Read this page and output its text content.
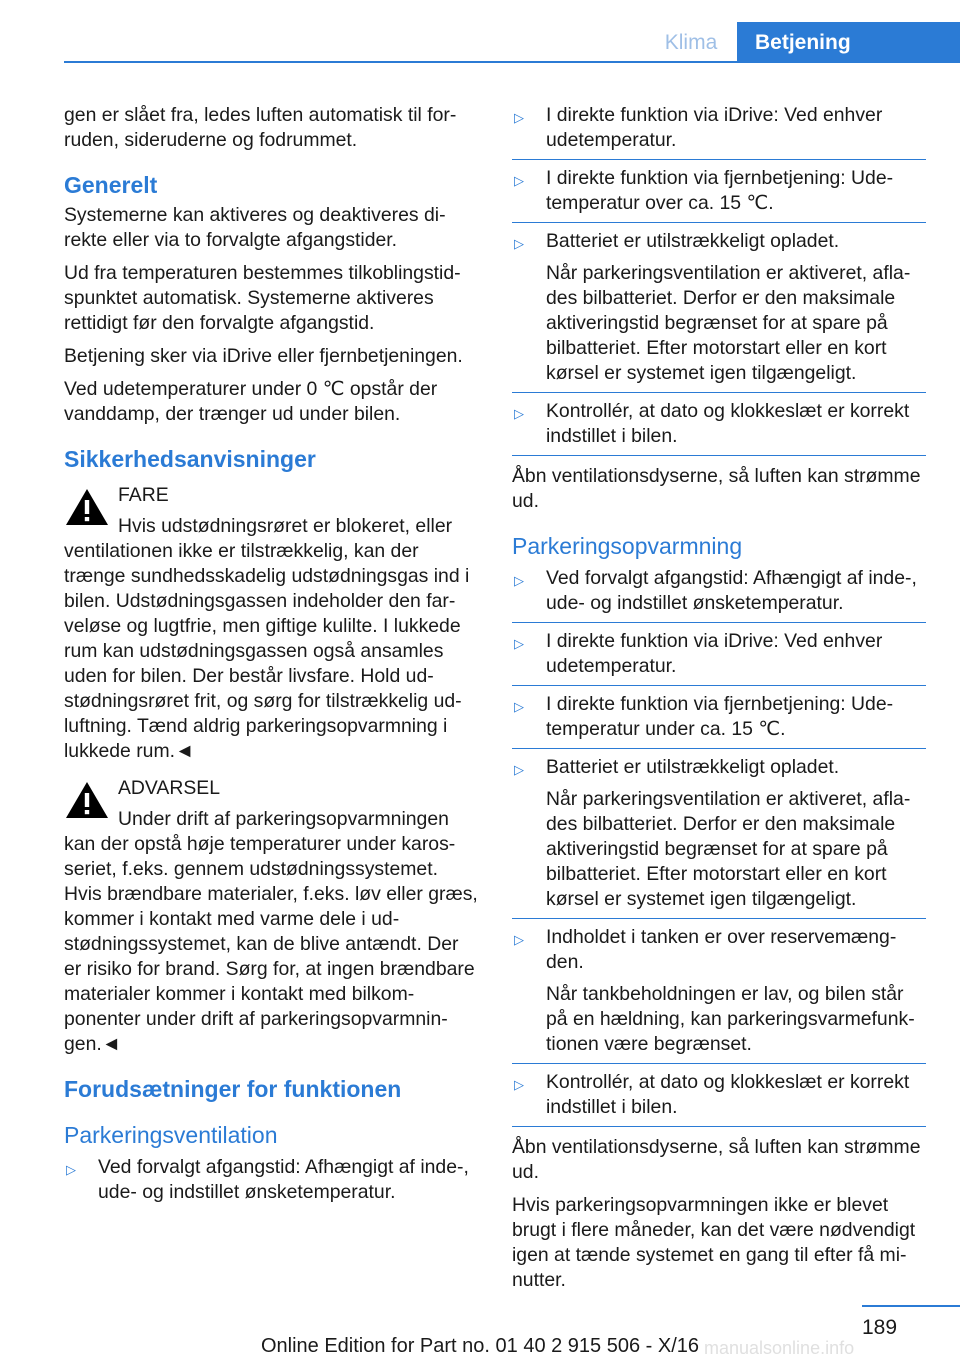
Klima	Betjening
gen er slået fra, ledes luften automatisk til forruden, sideruderne og fodrummet.
Generelt
Systemerne kan aktiveres og deaktiveres direkte eller via to forvalgte afgangstider.
Ud fra temperaturen bestemmes tilkoblingstidspunktet automatisk. Systemerne aktiveres rettidigt før den forvalgte afgangstid.
Betjening sker via iDrive eller fjernbetjeningen.
Ved udetemperaturer under 0 ℃ opstår der vanddamp, der trænger ud under bilen.
Sikkerhedsanvisninger
FARE
Hvis udstødningsrøret er blokeret, eller ventilationen ikke er tilstrækkelig, kan der trænge sundhedsskadelig udstødningsgas ind i bilen. Udstødningsgassen indeholder den farveløse og lugtfrie, men giftige kulilte. I lukkede rum kan udstødningsgassen også ansamles uden for bilen. Der består livsfare. Hold udstødningsrøret frit, og sørg for tilstrækkelig udluftning. Tænd aldrig parkeringsopvarmning i lukkede rum.◄
ADVARSEL
Under drift af parkeringsopvarmningen kan der opstå høje temperaturer under karosseriet, f.eks. gennem udstødningssystemet. Hvis brændbare materialer, f.eks. løv eller græs, kommer i kontakt med varme dele i udstødningssystemet, kan de blive antændt. Der er risiko for brand. Sørg for, at ingen brændbare materialer kommer i kontakt med bilkomponenter under drift af parkeringsopvarmningen.◄
Forudsætninger for funktionen
Parkeringsventilation
▷	Ved forvalgt afgangstid: Afhængigt af inde-, ude- og indstillet ønsketemperatur.
▷	I direkte funktion via iDrive: Ved enhver udetemperatur.
▷	I direkte funktion via fjernbetjening: Udetemperatur over ca. 15 ℃.
▷	Batteriet er utilstrækkeligt opladet.
Når parkeringsventilation er aktiveret, aflades bilbatteriet. Derfor er den maksimale aktiveringstid begrænset for at spare på bilbatteriet. Efter motorstart eller en kort kørsel er systemet igen tilgængeligt.
▷	Kontrollér, at dato og klokkeslæt er korrekt indstillet i bilen.
Åbn ventilationsdyserne, så luften kan strømme ud.
Parkeringsopvarmning
▷	Ved forvalgt afgangstid: Afhængigt af inde-, ude- og indstillet ønsketemperatur.
▷	I direkte funktion via iDrive: Ved enhver udetemperatur.
▷	I direkte funktion via fjernbetjening: Udetemperatur under ca. 15 ℃.
▷	Batteriet er utilstrækkeligt opladet.
Når parkeringsventilation er aktiveret, aflades bilbatteriet. Derfor er den maksimale aktiveringstid begrænset for at spare på bilbatteriet. Efter motorstart eller en kort kørsel er systemet igen tilgængeligt.
▷	Indholdet i tanken er over reservemængden.
Når tankbeholdningen er lav, og bilen står på en hældning, kan parkeringsvarmefunktionen være begrænset.
▷	Kontrollér, at dato og klokkeslæt er korrekt indstillet i bilen.
Åbn ventilationsdyserne, så luften kan strømme ud.
Hvis parkeringsopvarmningen ikke er blevet brugt i flere måneder, kan det være nødvendigt igen at tænde systemet en gang til efter få minutter.
189
manualsonline.info
Online Edition for Part no. 01 40 2 915 506 - X/16
